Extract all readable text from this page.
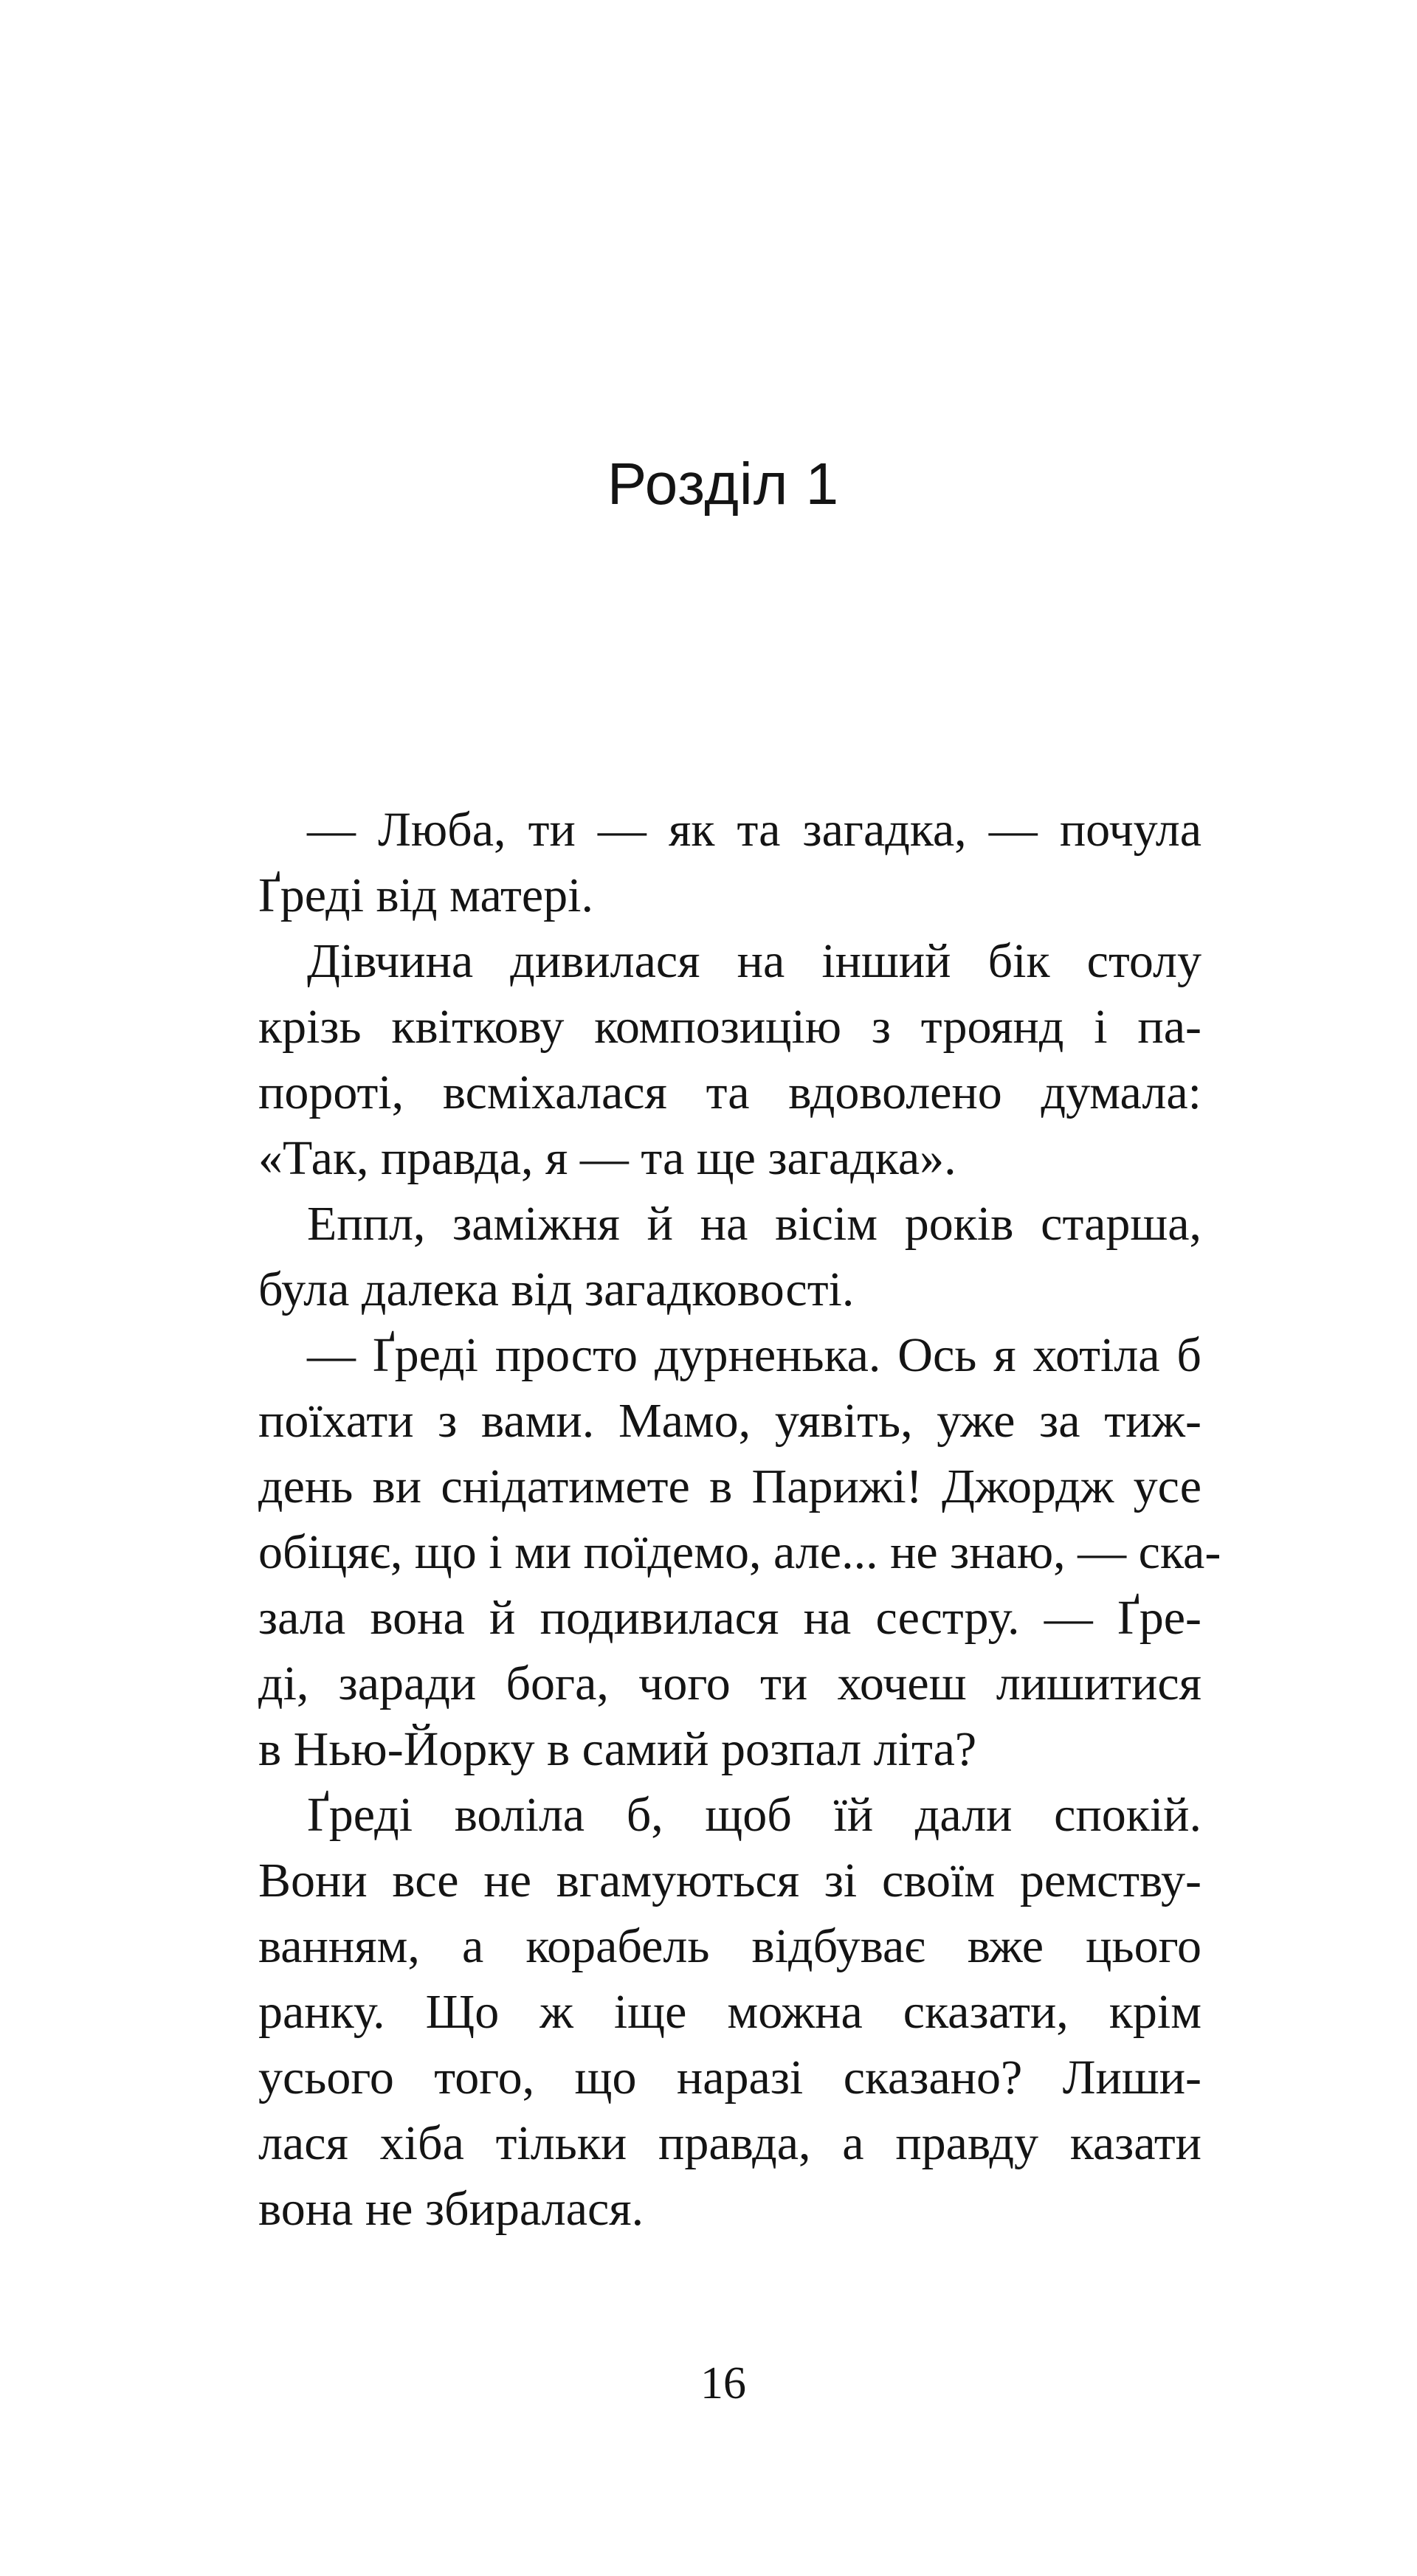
Розділ 1
— Люба, ти — як та загадка, — почула
Ґреді від матері.
Дівчина дивилася на інший бік столу
крізь квіткову композицію з троянд і па-
пороті, всміхалася та вдоволено думала:
«Так, правда, я — та ще загадка».
Еппл, заміжня й на вісім років старша,
була далека від загадковості.
— Ґреді просто дурненька. Ось я хотіла б
поїхати з вами. Мамо, уявіть, уже за тиж-
день ви снідатимете в Парижі! Джордж усе
обіцяє, що і ми поїдемо, але... не знаю, — ска-
зала вона й подивилася на сестру. — Ґре-
ді, заради бога, чого ти хочеш лишитися
в Нью-Йорку в самий розпал літа?
Ґреді воліла б, щоб їй дали спокій.
Вони все не вгамуються зі своїм ремству-
ванням, а корабель відбуває вже цього
ранку. Що ж іще можна сказати, крім
усього того, що наразі сказано? Лиши-
лася хіба тільки правда, а правду казати
вона не збиралася.
16
